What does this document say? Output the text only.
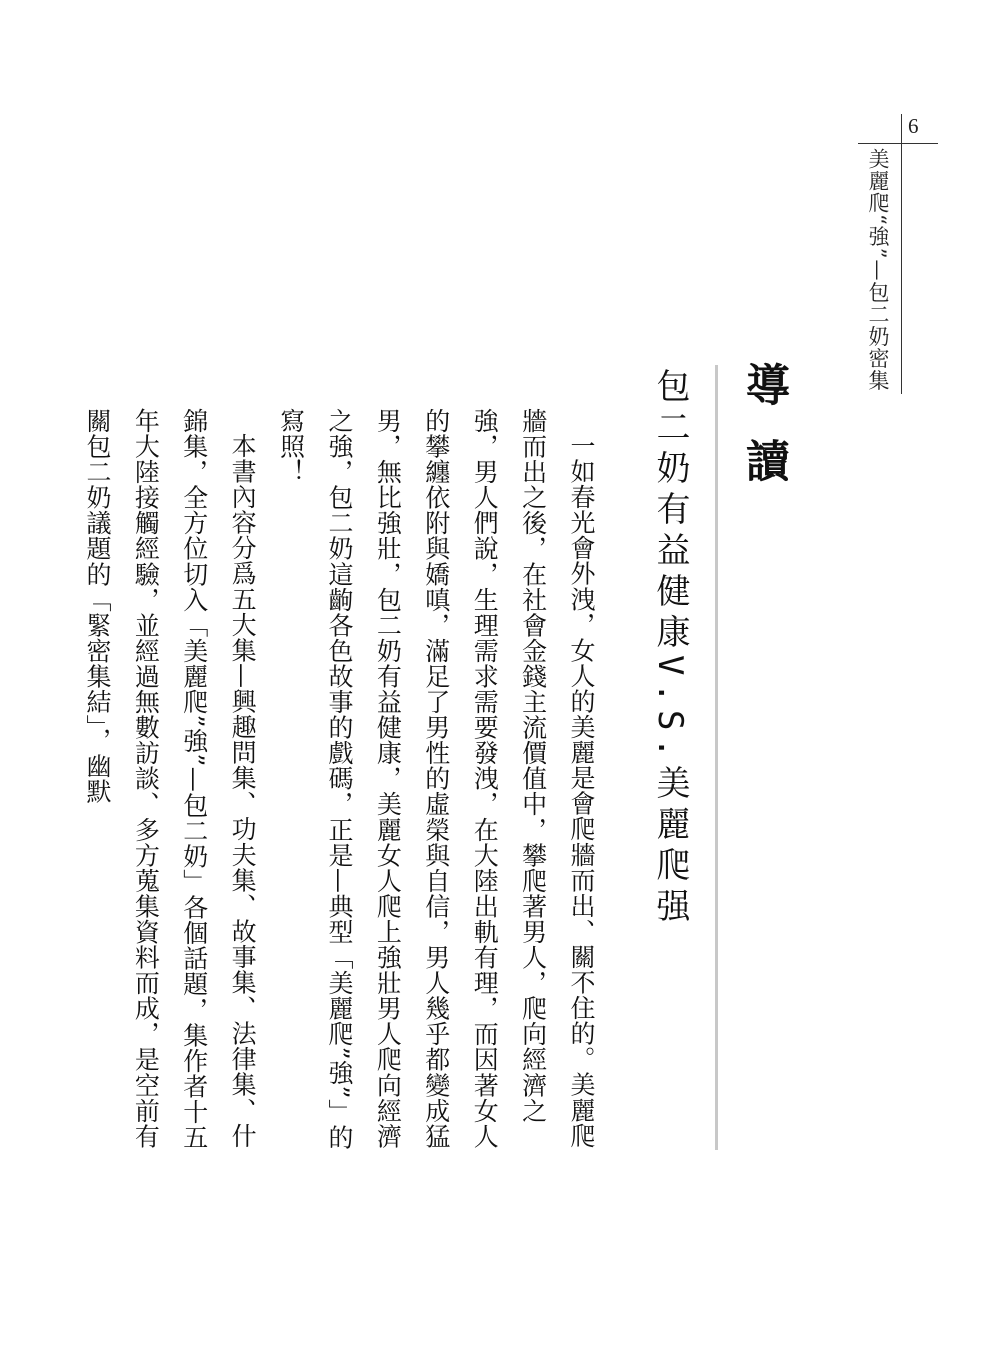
6
美麗爬“強”—包二奶密集
導讀
包二奶有益健康V.S.美麗爬强

一如春光會外洩，女人的美麗是會爬牆而出、關不住的。美麗爬牆而出之後，在社會金錢主流價值中，攀爬著男人，爬向經濟之強，男人們說，生理需求需要發洩，在大陸出軌有理，而因著女人的攀纏依附與嬌嗔，滿足了男性的虛榮與自信，男人幾乎都變成猛男，無比強壯，包二奶有益健康，美麗女人爬上強壯男人爬向經濟之強，包二奶這齣各色故事的戲碼，正是—典型「美麗爬”強”」的寫照！

本書內容分爲五大集—興趣問集、功夫集、故事集、法律集、什錦集，全方位切入「美麗爬”強”—包二奶」各個話題，集作者十五年大陸接觸經驗，並經過無數訪談、多方蒐集資料而成，是空前有關包二奶議題的「緊密集結」，幽默
